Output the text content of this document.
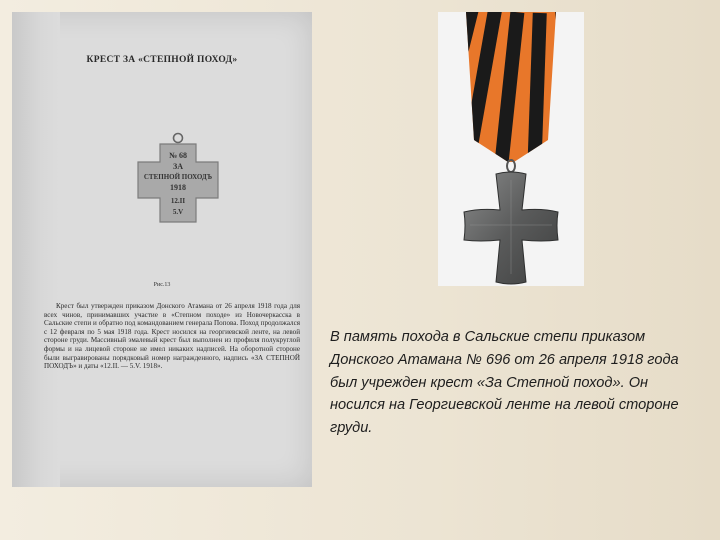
КРЕСТ ЗА «СТЕПНОЙ ПОХОД»
№ 68
ЗА
СТЕПНОЙ ПОХОДЪ
1918
12.II
5.V
Рис.13
Крест был утвержден приказом Донского Атамана от 26 апреля 1918 года для всех чинов, принимавших участие в «Степном походе» из Новочеркасска в Сальские степи и обратно под командованием генерала Попова. Поход продолжался с 12 февраля по 5 мая 1918 года. Крест носился на георгиевской ленте, на левой стороне груди. Массивный эмалевый крест был выполнен из профиля полукруглой формы и на лицевой стороне не имел никаких надписей. На оборотной стороне были выгравированы порядковый номер награжденного, надпись «ЗА СТЕПНОЙ ПОХОДЪ» и даты «12.II. — 5.V. 1918».
В память похода в Сальские степи приказом Донского Атамана № 696 от 26 апреля 1918 года был учрежден крест «За Степной поход». Он носился на Георгиевской ленте на левой стороне груди.
